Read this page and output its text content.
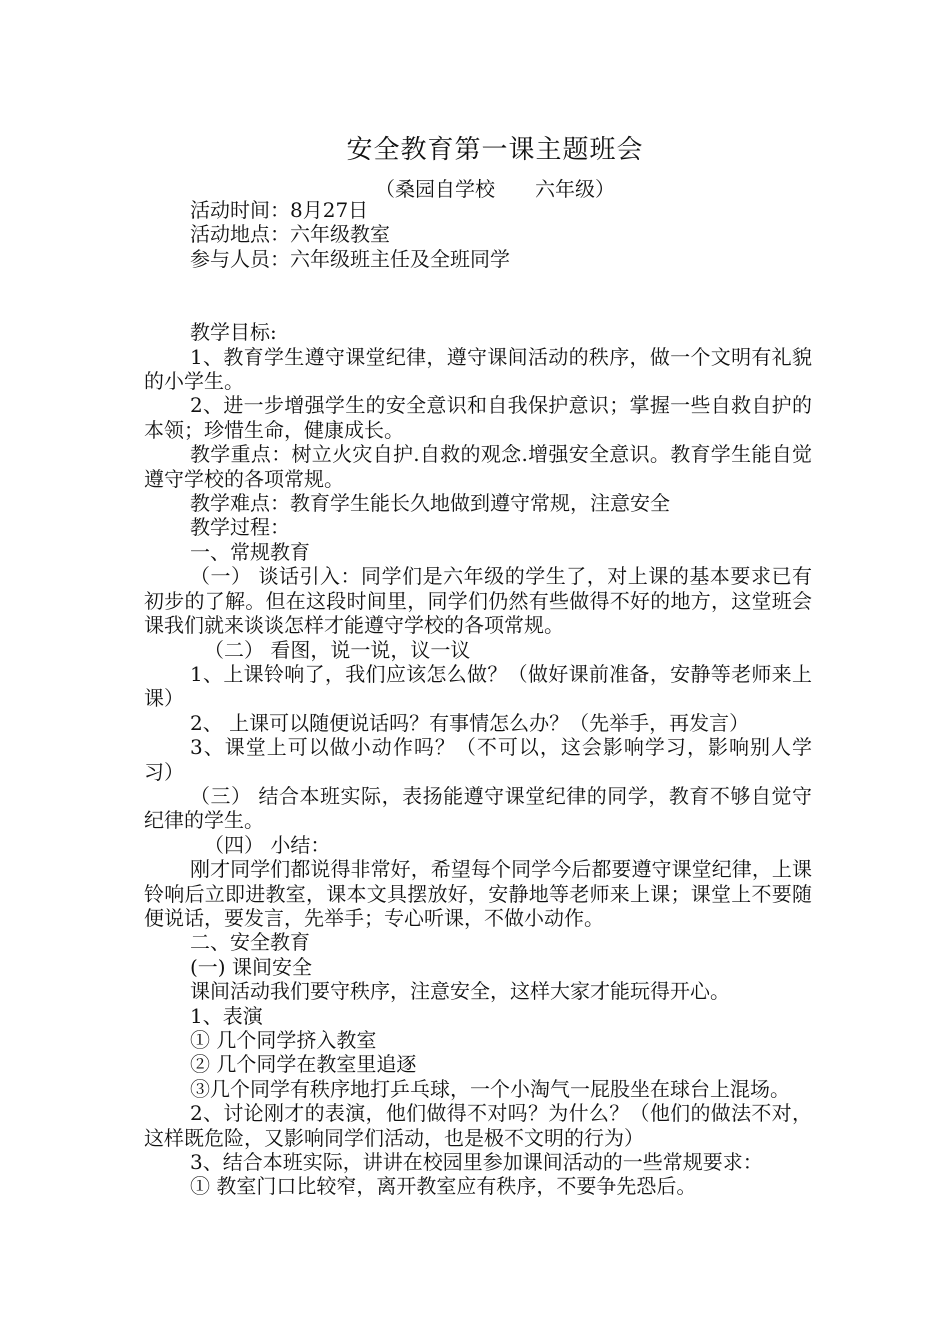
安全教育第一课主题班会
（桑园自学校　　六年级）

活动时间：8月27日

活动地点：六年级教室

参与人员：六年级班主任及全班同学

教学目标:

1、教育学生遵守课堂纪律，遵守课间活动的秩序，做一个文明有礼貌的小学生。

2、进一步增强学生的安全意识和自我保护意识；掌握一些自救自护的本领；珍惜生命，健康成长。

教学重点：树立火灾自护.自救的观念.增强安全意识。教育学生能自觉遵守学校的各项常规。

教学难点：教育学生能长久地做到遵守常规，注意安全

教学过程：

一、常规教育

（一） 谈话引入：同学们是六年级的学生了，对上课的基本要求已有初步的了解。但在这段时间里，同学们仍然有些做得不好的地方，这堂班会课我们就来谈谈怎样才能遵守学校的各项常规。

（二） 看图，说一说，议一议

1、上课铃响了，我们应该怎么做？（做好课前准备，安静等老师来上课）

2、 上课可以随便说话吗？有事情怎么办？（先举手，再发言）

3、课堂上可以做小动作吗？（不可以，这会影响学习，影响别人学习）

（三） 结合本班实际，表扬能遵守课堂纪律的同学，教育不够自觉守纪律的学生。

（四） 小结：

刚才同学们都说得非常好，希望每个同学今后都要遵守课堂纪律，上课铃响后立即进教室，课本文具摆放好，安静地等老师来上课；课堂上不要随便说话，要发言，先举手；专心听课，不做小动作。

二、安全教育

(一) 课间安全

课间活动我们要守秩序，注意安全，这样大家才能玩得开心。

1、表演

① 几个同学挤入教室

② 几个同学在教室里追逐

③几个同学有秩序地打乒乓球，一个小淘气一屁股坐在球台上混场。

2、讨论刚才的表演，他们做得不对吗？为什么？（他们的做法不对，这样既危险，又影响同学们活动，也是极不文明的行为）

3、结合本班实际，讲讲在校园里参加课间活动的一些常规要求：

① 教室门口比较窄，离开教室应有秩序，不要争先恐后。
